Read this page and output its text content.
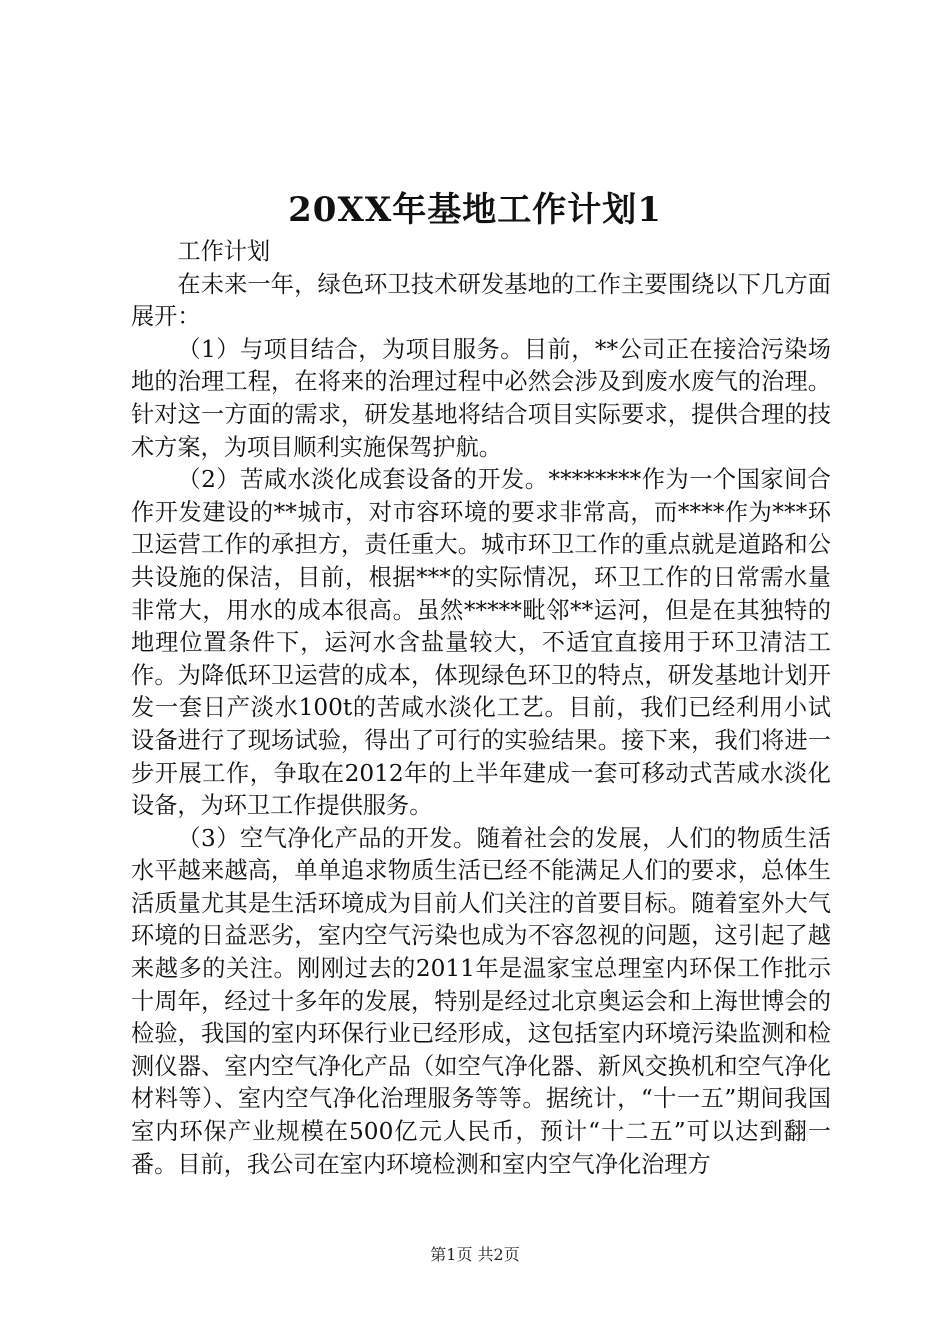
20XX年基地工作计划1

工作计划

在未来一年，绿色环卫技术研发基地的工作主要围绕以下几方面展开：

（1）与项目结合，为项目服务。目前，**公司正在接洽污染场地的治理工程，在将来的治理过程中必然会涉及到废水废气的治理。针对这一方面的需求，研发基地将结合项目实际要求，提供合理的技术方案，为项目顺利实施保驾护航。

（2）苦咸水淡化成套设备的开发。********作为一个国家间合作开发建设的**城市，对市容环境的要求非常高，而****作为***环卫运营工作的承担方，责任重大。城市环卫工作的重点就是道路和公共设施的保洁，目前，根据***的实际情况，环卫工作的日常需水量非常大，用水的成本很高。虽然*****毗邻**运河，但是在其独特的地理位置条件下，运河水含盐量较大，不适宜直接用于环卫清洁工作。为降低环卫运营的成本，体现绿色环卫的特点，研发基地计划开发一套日产淡水100t的苦咸水淡化工艺。目前，我们已经利用小试设备进行了现场试验，得出了可行的实验结果。接下来，我们将进一步开展工作，争取在2012年的上半年建成一套可移动式苦咸水淡化设备，为环卫工作提供服务。

（3）空气净化产品的开发。随着社会的发展，人们的物质生活水平越来越高，单单追求物质生活已经不能满足人们的要求，总体生活质量尤其是生活环境成为目前人们关注的首要目标。随着室外大气环境的日益恶劣，室内空气污染也成为不容忽视的问题，这引起了越来越多的关注。刚刚过去的2011年是温家宝总理室内环保工作批示十周年，经过十多年的发展，特别是经过北京奥运会和上海世博会的检验，我国的室内环保行业已经形成，这包括室内环境污染监测和检测仪器、室内空气净化产品（如空气净化器、新风交换机和空气净化材料等）、室内空气净化治理服务等等。据统计，“十一五”期间我国室内环保产业规模在500亿元人民币，预计“十二五”可以达到翻一番。目前，我公司在室内环境检测和室内空气净化治理方

第1页 共2页
